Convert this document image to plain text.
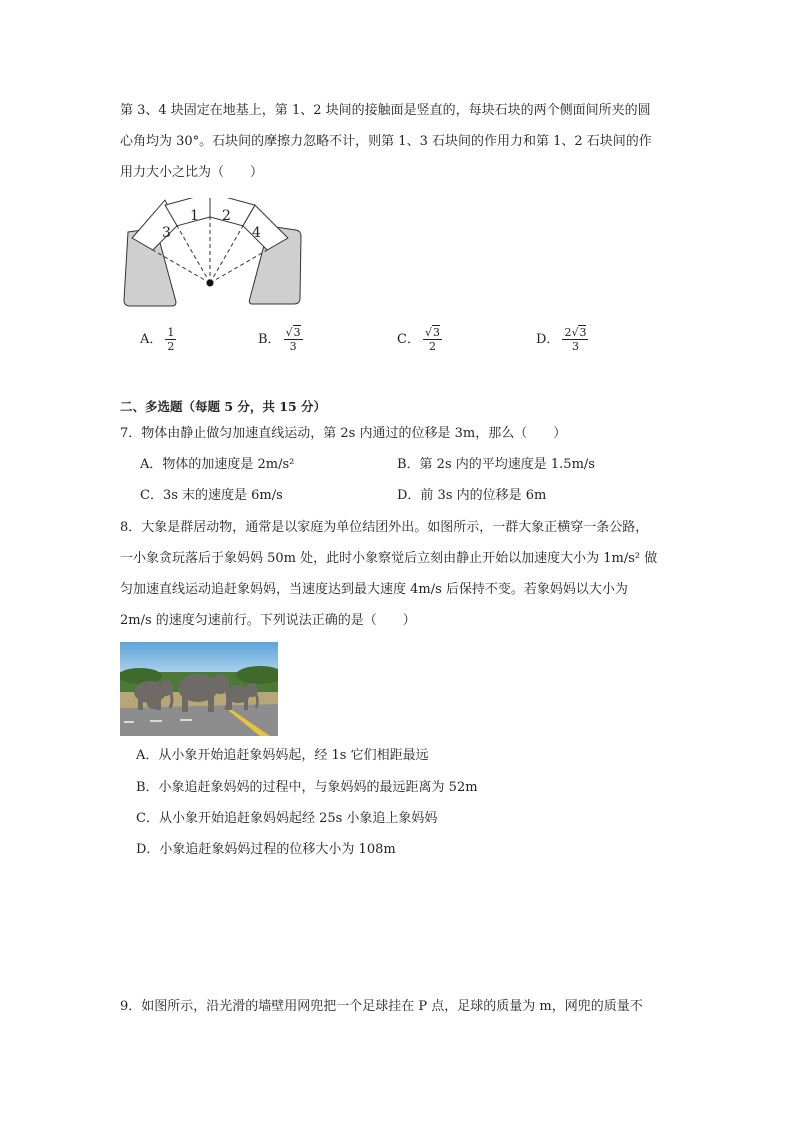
第 3、4 块固定在地基上，第 1、2 块间的接触面是竖直的，每块石块的两个侧面间所夹的圆
心角均为 30°。石块间的摩擦力忽略不计，则第 1、3 石块间的作用力和第 1、2 石块间的作
用力大小之比为（　　）
1 2
3	4
A． $\frac{1}{2}$	B． $\frac{√3}{3}$	C． $\frac{√3}{2}$	D． $\frac{2√3}{3}$
二、多选题（每题 5 分，共 15 分）
7．物体由静止做匀加速直线运动，第 2s 内通过的位移是 3m，那么（　　）
A．物体的加速度是 2m/s²	B．第 2s 内的平均速度是 1.5m/s
C．3s 末的速度是 6m/s	D．前 3s 内的位移是 6m
8．大象是群居动物，通常是以家庭为单位结团外出。如图所示，一群大象正横穿一条公路，
一小象贪玩落后于象妈妈 50m 处，此时小象察觉后立刻由静止开始以加速度大小为 1m/s² 做
匀加速直线运动追赶象妈妈，当速度达到最大速度 4m/s 后保持不变。若象妈妈以大小为
2m/s 的速度匀速前行。下列说法正确的是（　　）
A．从小象开始追赶象妈妈起，经 1s 它们相距最远
B．小象追赶象妈妈的过程中，与象妈妈的最远距离为 52m
C．从小象开始追赶象妈妈起经 25s 小象追上象妈妈
D．小象追赶象妈妈过程的位移大小为 108m
9．如图所示，沿光滑的墙壁用网兜把一个足球挂在 P 点，足球的质量为 m，网兜的质量不
